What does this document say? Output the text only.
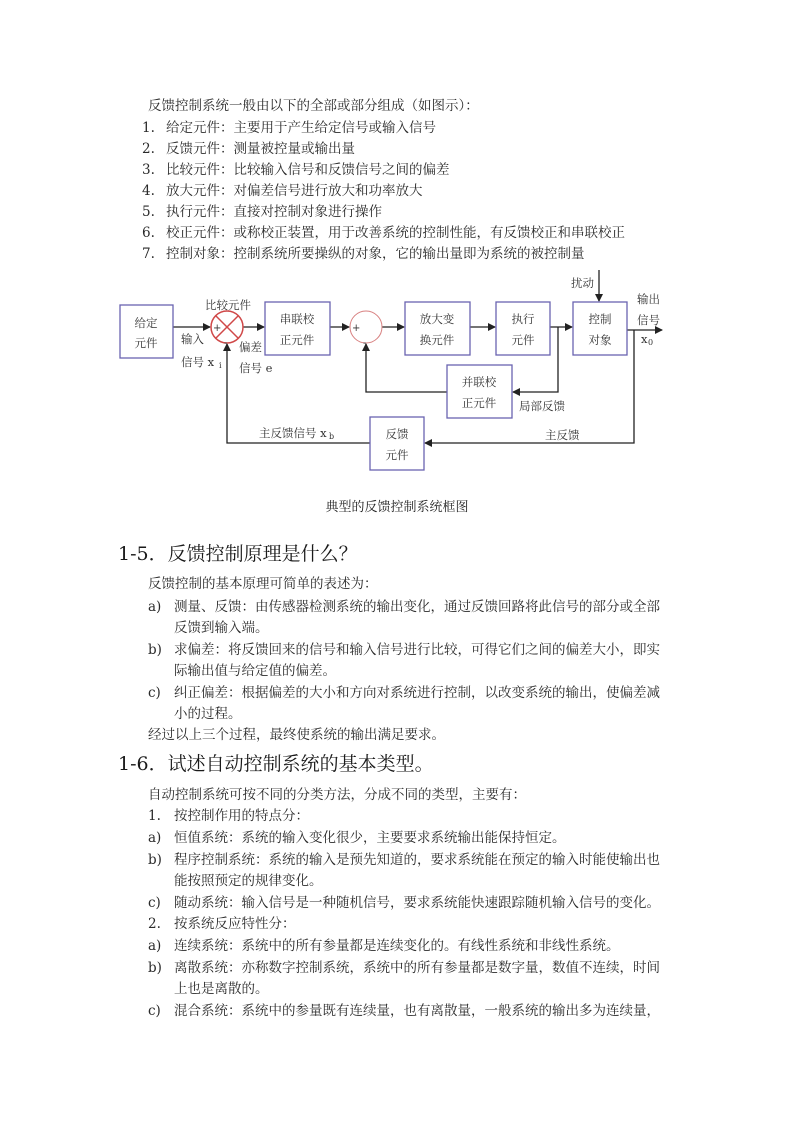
反馈控制系统一般由以下的全部或部分组成（如图示）：
1. 给定元件：主要用于产生给定信号或输入信号
2. 反馈元件：测量被控量或输出量
3. 比较元件：比较输入信号和反馈信号之间的偏差
4. 放大元件：对偏差信号进行放大和功率放大
5. 执行元件：直接对控制对象进行操作
6. 校正元件：或称校正装置，用于改善系统的控制性能，有反馈校正和串联校正
7. 控制对象：控制系统所要操纵的对象，它的输出量即为系统的被控制量
给定
元件
串联校
正元件
放大变
换元件
执行
元件
控制
对象
并联校
正元件
反馈
元件
比较元件
+
-
+
-
输入
信号 x i
偏差
信号 e
扰动
输出
信号
x 0
局部反馈
主反馈
主反馈信号 x b
典型的反馈控制系统框图
1-5．反馈控制原理是什么？
反馈控制的基本原理可简单的表述为：
a) 测量、反馈：由传感器检测系统的输出变化，通过反馈回路将此信号的部分或全部
反馈到输入端。
b) 求偏差：将反馈回来的信号和输入信号进行比较，可得它们之间的偏差大小，即实
际输出值与给定值的偏差。
c) 纠正偏差：根据偏差的大小和方向对系统进行控制，以改变系统的输出，使偏差减
小的过程。
经过以上三个过程，最终使系统的输出满足要求。
1-6．试述自动控制系统的基本类型。
自动控制系统可按不同的分类方法，分成不同的类型，主要有：
1. 按控制作用的特点分：
a) 恒值系统：系统的输入变化很少，主要要求系统输出能保持恒定。
b) 程序控制系统：系统的输入是预先知道的，要求系统能在预定的输入时能使输出也
能按照预定的规律变化。
c) 随动系统：输入信号是一种随机信号，要求系统能快速跟踪随机输入信号的变化。
2. 按系统反应特性分：
a) 连续系统：系统中的所有参量都是连续变化的。有线性系统和非线性系统。
b) 离散系统：亦称数字控制系统，系统中的所有参量都是数字量，数值不连续，时间
上也是离散的。
c) 混合系统：系统中的参量既有连续量，也有离散量，一般系统的输出多为连续量，
